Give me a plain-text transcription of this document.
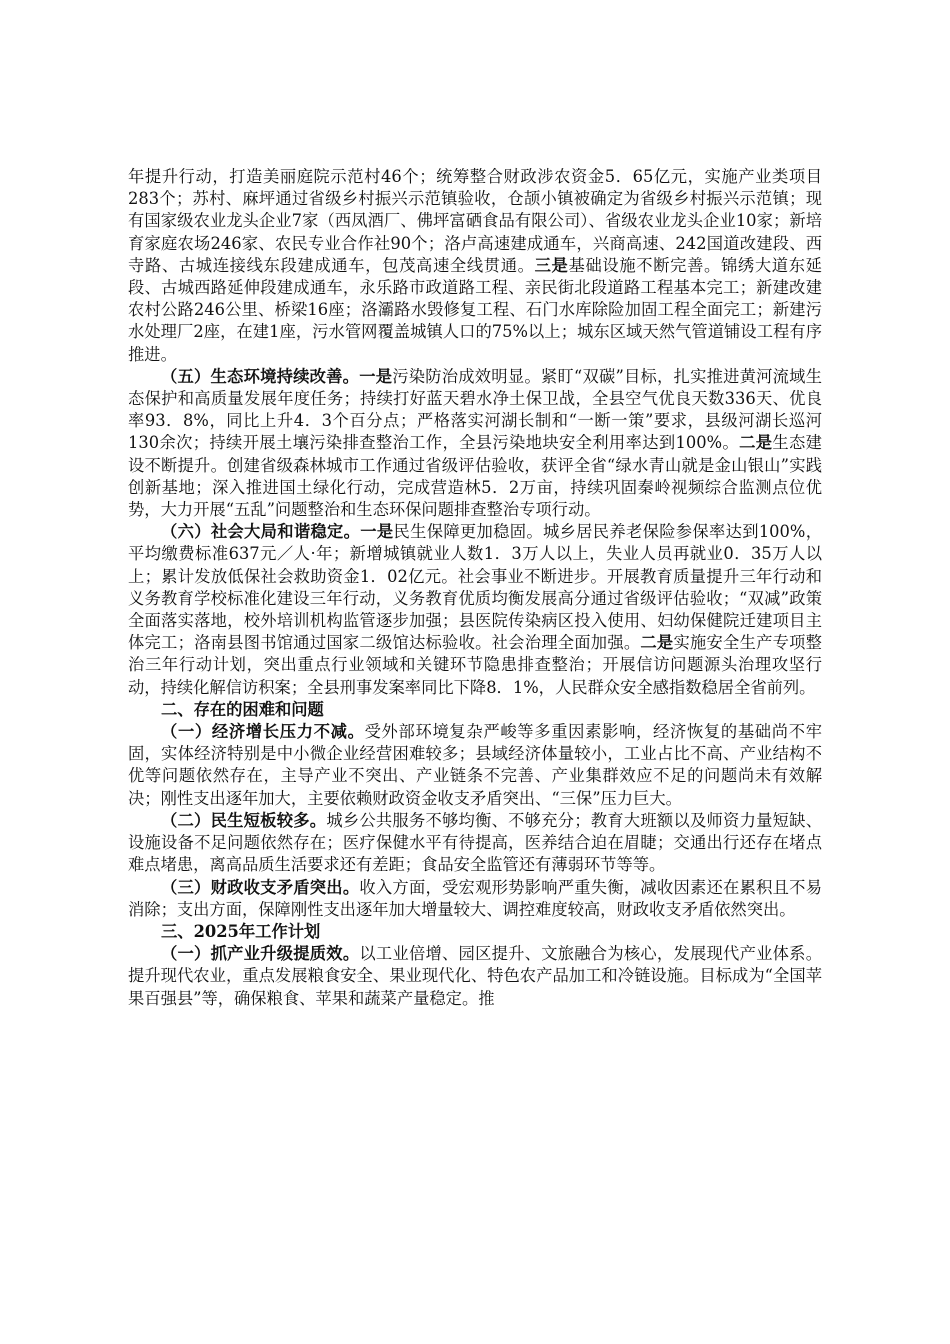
年提升行动，打造美丽庭院示范村46个；统筹整合财政涉农资金5．65亿元，实施产业类项目283个；苏村、麻坪通过省级乡村振兴示范镇验收，仓颉小镇被确定为省级乡村振兴示范镇；现有国家级农业龙头企业7家（西凤酒厂、佛坪富硒食品有限公司）、省级农业龙头企业10家；新培育家庭农场246家、农民专业合作社90个；洛卢高速建成通车，兴商高速、242国道改建段、西寺路、古城连接线东段建成通车，包茂高速全线贯通。三是基础设施不断完善。锦绣大道东延段、古城西路延伸段建成通车，永乐路市政道路工程、亲民街北段道路工程基本完工；新建改建农村公路246公里、桥梁16座；洛灞路水毁修复工程、石门水库除险加固工程全面完工；新建污水处理厂2座，在建1座，污水管网覆盖城镇人口的75%以上；城东区域天然气管道铺设工程有序推进。

（五）生态环境持续改善。一是污染防治成效明显。紧盯“双碳”目标，扎实推进黄河流域生态保护和高质量发展年度任务；持续打好蓝天碧水净土保卫战，全县空气优良天数336天、优良率93．8%，同比上升4．3个百分点；严格落实河湖长制和“一断一策”要求，县级河湖长巡河130余次；持续开展土壤污染排查整治工作，全县污染地块安全利用率达到100%。二是生态建设不断提升。创建省级森林城市工作通过省级评估验收，获评全省“绿水青山就是金山银山”实践创新基地；深入推进国土绿化行动，完成营造林5．2万亩，持续巩固秦岭视频综合监测点位优势，大力开展“五乱”问题整治和生态环保问题排查整治专项行动。

（六）社会大局和谐稳定。一是民生保障更加稳固。城乡居民养老保险参保率达到100%，平均缴费标准637元／人·年；新增城镇就业人数1．3万人以上，失业人员再就业0．35万人以上；累计发放低保社会救助资金1．02亿元。社会事业不断进步。开展教育质量提升三年行动和义务教育学校标准化建设三年行动，义务教育优质均衡发展高分通过省级评估验收；“双减”政策全面落实落地，校外培训机构监管逐步加强；县医院传染病区投入使用、妇幼保健院迁建项目主体完工；洛南县图书馆通过国家二级馆达标验收。社会治理全面加强。二是实施安全生产专项整治三年行动计划，突出重点行业领域和关键环节隐患排查整治；开展信访问题源头治理攻坚行动，持续化解信访积案；全县刑事发案率同比下降8．1%，人民群众安全感指数稳居全省前列。

二、存在的困难和问题

（一）经济增长压力不减。受外部环境复杂严峻等多重因素影响，经济恢复的基础尚不牢固，实体经济特别是中小微企业经营困难较多；县域经济体量较小，工业占比不高、产业结构不优等问题依然存在，主导产业不突出、产业链条不完善、产业集群效应不足的问题尚未有效解决；刚性支出逐年加大，主要依赖财政资金收支矛盾突出、“三保”压力巨大。

（二）民生短板较多。城乡公共服务不够均衡、不够充分；教育大班额以及师资力量短缺、设施设备不足问题依然存在；医疗保健水平有待提高，医养结合迫在眉睫；交通出行还存在堵点难点堵患，离高品质生活要求还有差距；食品安全监管还有薄弱环节等等。

（三）财政收支矛盾突出。收入方面，受宏观形势影响严重失衡，减收因素还在累积且不易消除；支出方面，保障刚性支出逐年加大增量较大、调控难度较高，财政收支矛盾依然突出。

三、2025年工作计划

（一）抓产业升级提质效。以工业倍增、园区提升、文旅融合为核心，发展现代产业体系。提升现代农业，重点发展粮食安全、果业现代化、特色农产品加工和冷链设施。目标成为“全国苹果百强县”等，确保粮食、苹果和蔬菜产量稳定。推
